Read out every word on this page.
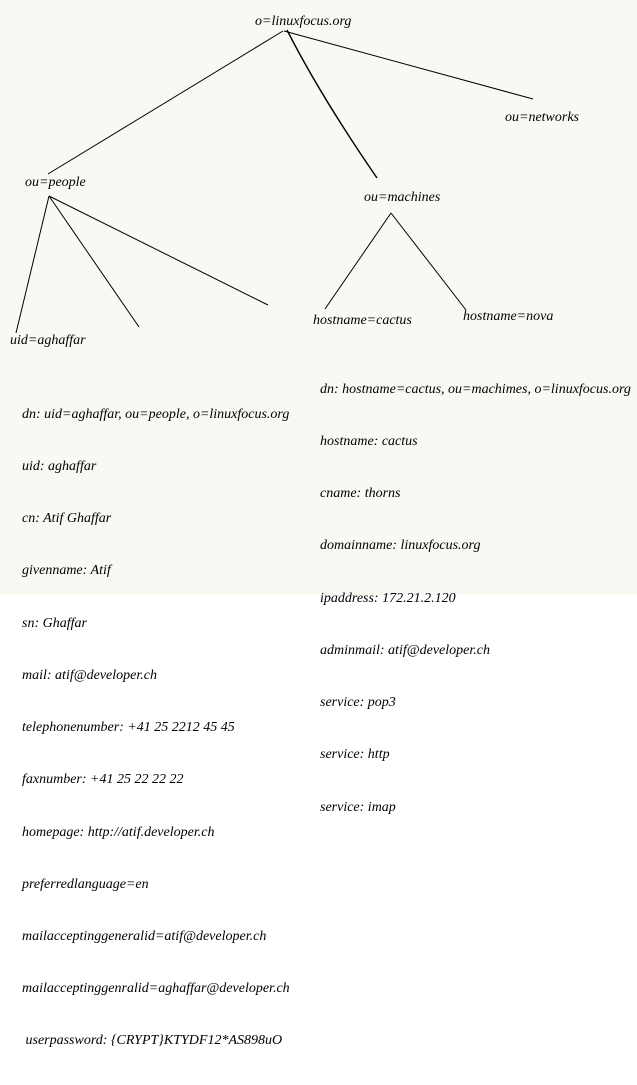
o=linuxfocus.org
ou=people
ou=machines
ou=networks
uid=aghaffar
hostname=cactus	hostname=nova

dn: uid=aghaffar, ou=people, o=linuxfocus.org

uid: aghaffar

cn: Atif Ghaffar

givenname: Atif

sn: Ghaffar

mail: atif@developer.ch

telephonenumber: +41 25 2212 45 45

faxnumber: +41 25 22 22 22

homepage: http://atif.developer.ch

preferredlanguage=en

mailacceptinggeneralid=atif@developer.ch

mailacceptinggenralid=aghaffar@developer.ch

userpassword: {CRYPT}KTYDF12*AS898uO

dn: hostname=cactus, ou=machimes, o=linuxfocus.org

hostname: cactus

cname: thorns

domainname: linuxfocus.org

ipaddress: 172.21.2.120

adminmail: atif@developer.ch

service: pop3

service: http

service: imap
